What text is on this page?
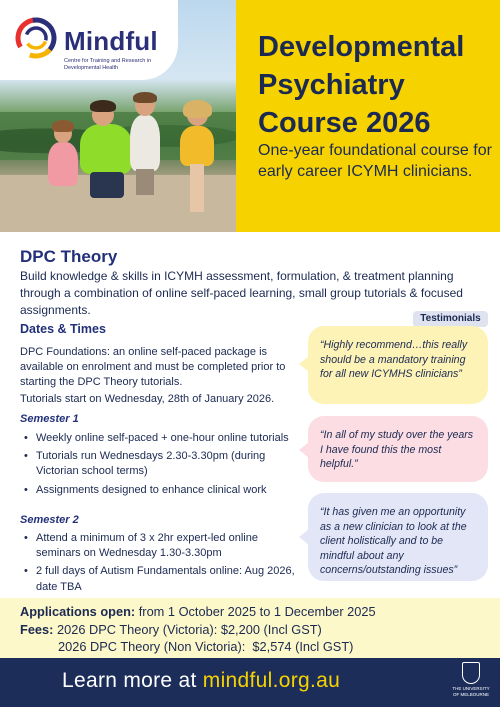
Mindful
Centre for Training and Research in Developmental Health
Developmental Psychiatry Course 2026
One-year foundational course for early career ICYMH clinicians.
DPC Theory
Build knowledge & skills in ICYMH assessment, formulation, & treatment planning through a combination of online self-paced learning, small group tutorials & focused assignments.
Dates & Times
DPC Foundations: an online self-paced package is available on enrolment and must be completed prior to starting the DPC Theory tutorials.
Tutorials start on Wednesday, 28th of January 2026.
Semester 1
• Weekly online self-paced + one-hour online tutorials
• Tutorials run Wednesdays 2.30-3.30pm (during Victorian school terms)
• Assignments designed to enhance clinical work
Semester 2
• Attend a minimum of 3 x 2hr expert-led online seminars on Wednesday 1.30-3.30pm
• 2 full days of Autism Fundamentals online: Aug 2026, date TBA
Testimonials
“Highly recommend…this really should be a mandatory training for all new ICYMHS clinicians”
“In all of my study over the years I have found this the most helpful.”
“It has given me an opportunity as a new clinician to look at the client holistically and to be mindful about any concerns/outstanding issues”
Applications open: from 1 October 2025 to 1 December 2025
Fees: 2026 DPC Theory (Victoria): $2,200 (Incl GST)
2026 DPC Theory (Non Victoria):  $2,574 (Incl GST)
Learn more at mindful.org.au	THE UNIVERSITY OF MELBOURNE
